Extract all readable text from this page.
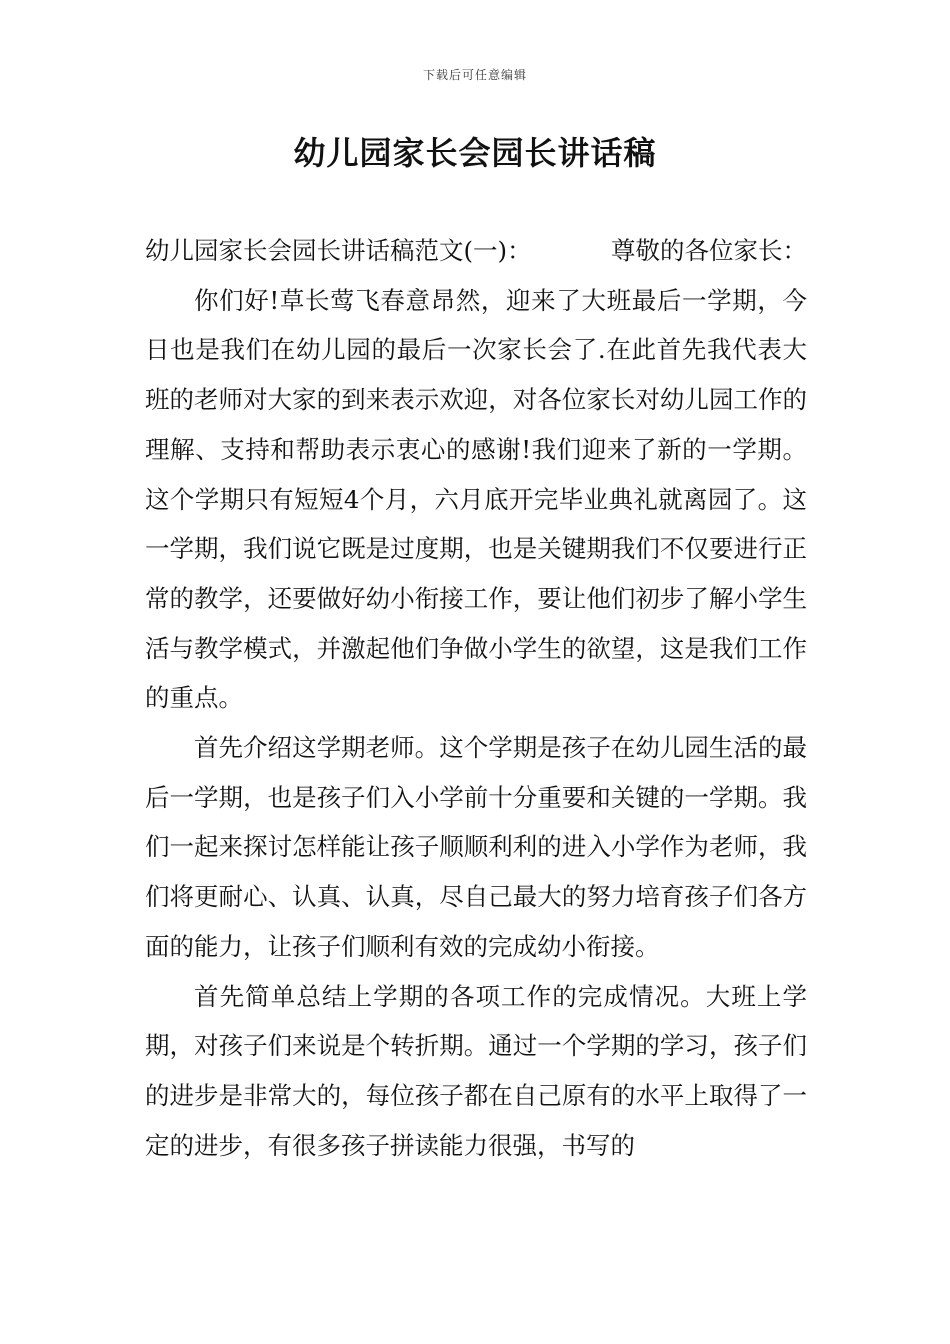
下载后可任意编辑
幼儿园家长会园长讲话稿

幼儿园家长会园长讲话稿范文(一)：	尊敬的各位家长：

你们好!草长莺飞春意昂然，迎来了大班最后一学期，今日也是我们在幼儿园的最后一次家长会了.在此首先我代表大班的老师对大家的到来表示欢迎，对各位家长对幼儿园工作的理解、支持和帮助表示衷心的感谢!我们迎来了新的一学期。这个学期只有短短4个月，六月底开完毕业典礼就离园了。这一学期，我们说它既是过度期，也是关键期我们不仅要进行正常的教学，还要做好幼小衔接工作，要让他们初步了解小学生活与教学模式，并激起他们争做小学生的欲望，这是我们工作的重点。

首先介绍这学期老师。这个学期是孩子在幼儿园生活的最后一学期，也是孩子们入小学前十分重要和关键的一学期。我们一起来探讨怎样能让孩子顺顺利利的进入小学作为老师，我们将更耐心、认真、认真，尽自己最大的努力培育孩子们各方面的能力，让孩子们顺利有效的完成幼小衔接。

首先简单总结上学期的各项工作的完成情况。大班上学期，对孩子们来说是个转折期。通过一个学期的学习，孩子们的进步是非常大的，每位孩子都在自己原有的水平上取得了一定的进步，有很多孩子拼读能力很强，书写的
